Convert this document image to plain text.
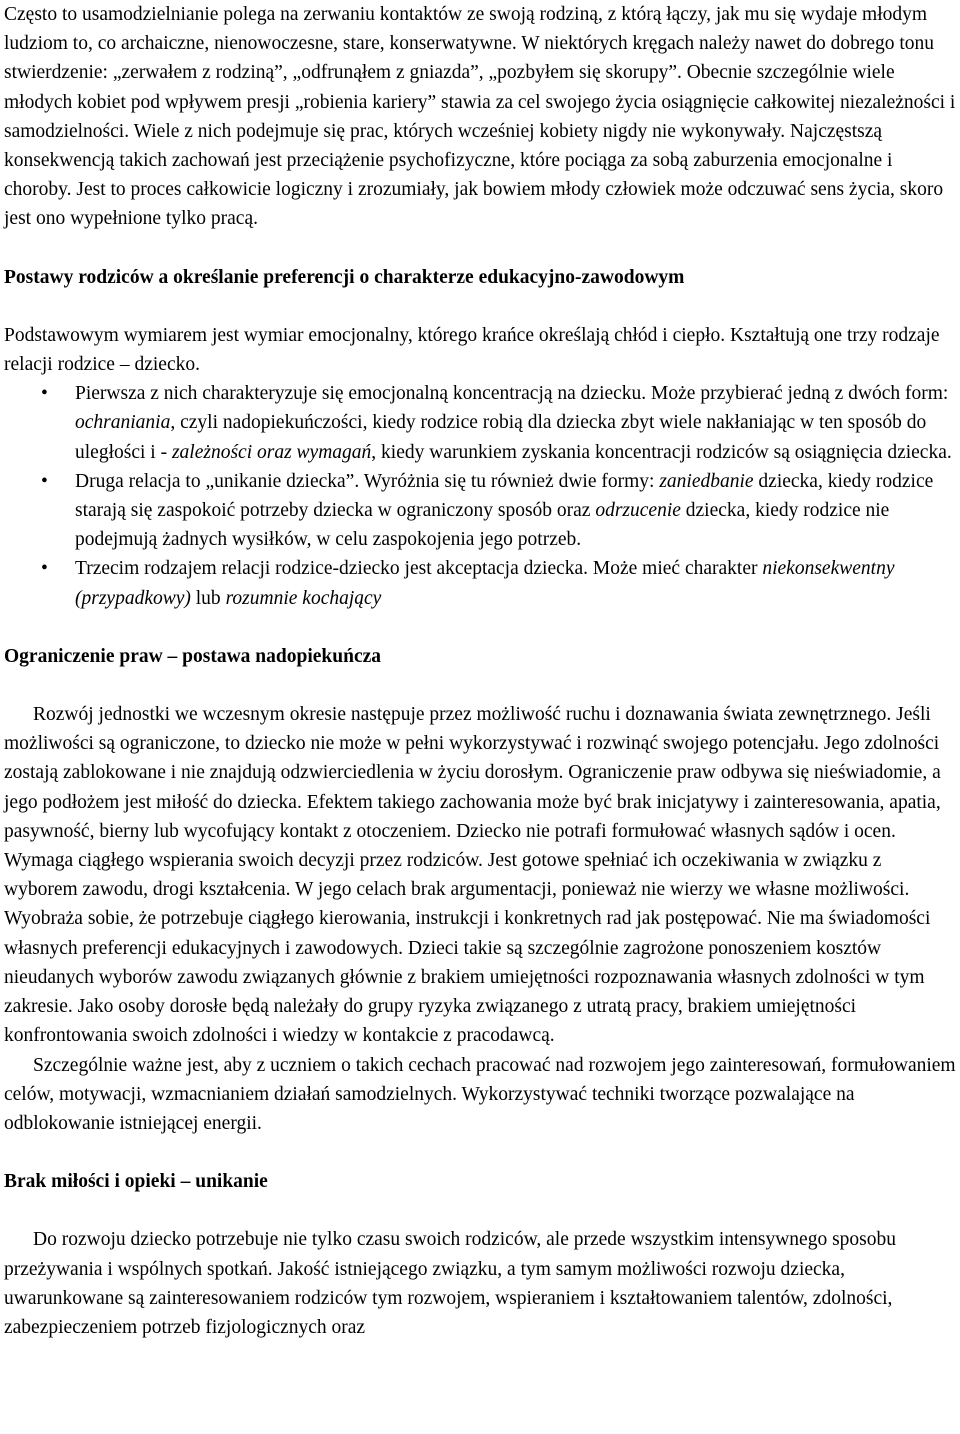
Często to usamodzielnianie polega na zerwaniu kontaktów ze swoją rodziną, z którą łączy, jak mu się wydaje młodym ludziom to, co archaiczne, nienowoczesne, stare, konserwatywne. W niektórych kręgach należy nawet do dobrego tonu stwierdzenie: „zerwałem z rodziną”, „odfrunąłem z gniazda”, „pozbyłem się skorupy”. Obecnie szczególnie wiele młodych kobiet pod wpływem presji „robienia kariery” stawia za cel swojego życia osiągnięcie całkowitej niezależności i samodzielności. Wiele z nich podejmuje się prac, których wcześniej kobiety nigdy nie wykonywały. Najczęstszą konsekwencją takich zachowań jest przeciążenie psychofizyczne, które pociąga za sobą zaburzenia emocjonalne i choroby. Jest to proces całkowicie logiczny i zrozumiały, jak bowiem młody człowiek może odczuwać sens życia, skoro jest ono wypełnione tylko pracą.

Postawy rodziców a określanie preferencji o charakterze edukacyjno-zawodowym

Podstawowym wymiarem jest wymiar emocjonalny, którego krańce określają chłód i ciepło. Kształtują one trzy rodzaje relacji rodzice – dziecko.

• Pierwsza z nich charakteryzuje się emocjonalną koncentracją na dziecku. Może przybierać jedną z dwóch form: ochraniania, czyli nadopiekuńczości, kiedy rodzice robią dla dziecka zbyt wiele nakłaniając w ten sposób do uległości i - zależności oraz wymagań, kiedy warunkiem zyskania koncentracji rodziców są osiągnięcia dziecka.
• Druga relacja to „unikanie dziecka”. Wyróżnia się tu również dwie formy: zaniedbanie dziecka, kiedy rodzice starają się zaspokoić potrzeby dziecka w ograniczony sposób oraz odrzucenie dziecka, kiedy rodzice nie podejmują żadnych wysiłków, w celu zaspokojenia jego potrzeb.
• Trzecim rodzajem relacji rodzice-dziecko jest akceptacja dziecka. Może mieć charakter niekonsekwentny (przypadkowy) lub rozumnie kochający

Ograniczenie praw – postawa nadopiekuńcza

Rozwój jednostki we wczesnym okresie następuje przez możliwość ruchu i doznawania świata zewnętrznego. Jeśli możliwości są ograniczone, to dziecko nie może w pełni wykorzystywać i rozwinąć swojego potencjału. Jego zdolności zostają zablokowane i nie znajdują odzwierciedlenia w życiu dorosłym. Ograniczenie praw odbywa się nieświadomie, a jego podłożem jest miłość do dziecka. Efektem takiego zachowania może być brak inicjatywy i zainteresowania, apatia, pasywność, bierny lub wycofujący kontakt z otoczeniem. Dziecko nie potrafi formułować własnych sądów i ocen. Wymaga ciągłego wspierania swoich decyzji przez rodziców. Jest gotowe spełniać ich oczekiwania w związku z wyborem zawodu, drogi kształcenia. W jego celach brak argumentacji, ponieważ nie wierzy we własne możliwości. Wyobraża sobie, że potrzebuje ciągłego kierowania, instrukcji i konkretnych rad jak postępować. Nie ma świadomości własnych preferencji edukacyjnych i zawodowych. Dzieci takie są szczególnie zagrożone ponoszeniem kosztów nieudanych wyborów zawodu związanych głównie z brakiem umiejętności rozpoznawania własnych zdolności w tym zakresie. Jako osoby dorosłe będą należały do grupy ryzyka związanego z utratą pracy, brakiem umiejętności konfrontowania swoich zdolności i wiedzy w kontakcie z pracodawcą.

Szczególnie ważne jest, aby z uczniem o takich cechach pracować nad rozwojem jego zainteresowań, formułowaniem celów, motywacji, wzmacnianiem działań samodzielnych. Wykorzystywać techniki tworzące pozwalające na odblokowanie istniejącej energii.

Brak miłości i opieki – unikanie

Do rozwoju dziecko potrzebuje nie tylko czasu swoich rodziców, ale przede wszystkim intensywnego sposobu przeżywania i wspólnych spotkań. Jakość istniejącego związku, a tym samym możliwości rozwoju dziecka, uwarunkowane są zainteresowaniem rodziców tym rozwojem, wspieraniem i kształtowaniem talentów, zdolności, zabezpieczeniem potrzeb fizjologicznych oraz
